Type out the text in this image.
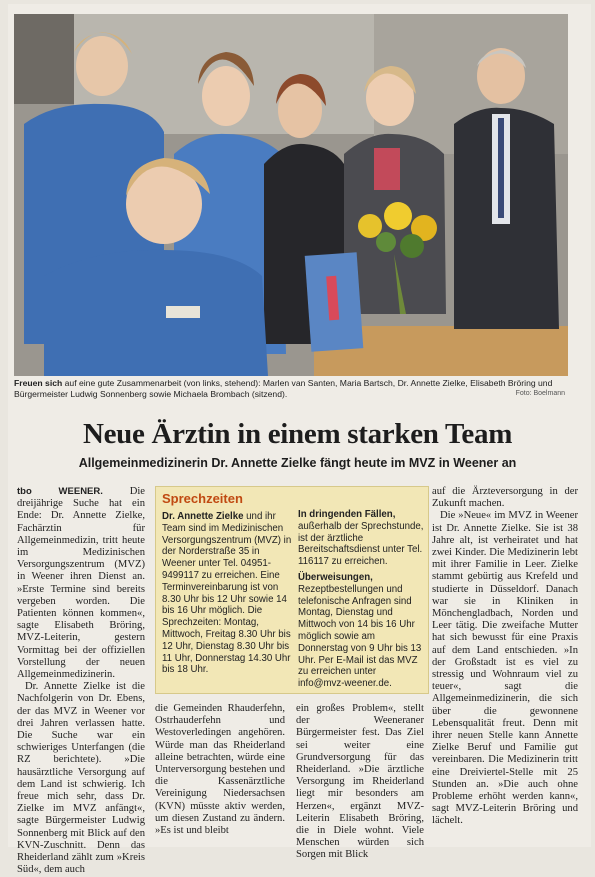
Freuen sich auf eine gute Zusammenarbeit (von links, stehend): Marlen van Santen, Maria Bartsch, Dr. Annette Zielke, Elisabeth Bröring und Bürgermeister Ludwig Sonnenberg sowie Michaela Brombach (sitzend).	Foto: Boelmann
Neue Ärztin in einem starken Team
Allgemeinmedizinerin Dr. Annette Zielke fängt heute im MVZ in Weener an

tbo WEENER.	Die dreijährige Suche hat ein Ende: Dr. Annette Zielke, Fachärztin für Allgemeinmedizin, tritt heute im Medizinischen Versorgungszentrum (MVZ) in Weener ihren Dienst an. »Erste Termine sind bereits vergeben worden. Die Patienten können kommen«, sagte Elisabeth Bröring, MVZ-Leiterin, gestern Vormittag bei der offiziellen Vorstellung der neuen Allgemeinmedizinerin.

Dr. Annette Zielke ist die Nachfolgerin von Dr. Ebens, der das MVZ in Weener vor drei Jahren verlassen hatte. Die Suche war ein schwieriges Unterfangen (die RZ berichtete). »Die hausärztliche Versorgung auf dem Land ist schwierig. Ich freue mich sehr, dass Dr. Zielke im MVZ anfängt«, sagte Bürgermeister Ludwig Sonnenberg mit Blick auf den KVN-Zuschnitt. Denn das Rheiderland zählt zum »Kreis Süd«, dem auch

Sprechzeiten

Dr. Annette Zielke und ihr Team sind im Medizinischen Versorgungszentrum (MVZ) in der Norderstraße 35 in Weener unter Tel. 04951-9499117 zu erreichen. Eine Terminvereinbarung ist von 8.30 Uhr bis 12 Uhr sowie 14 bis 16 Uhr möglich. Die Sprechzeiten: Montag, Mittwoch, Freitag 8.30 Uhr bis 12 Uhr, Dienstag 8.30 Uhr bis 11 Uhr, Donnerstag 14.30 Uhr bis 18 Uhr.

In dringenden Fällen, außerhalb der Sprechstunde, ist der ärztliche Bereitschaftsdienst unter Tel. 116117 zu erreichen.

Überweisungen, Rezeptbestellungen und telefonische Anfragen sind Montag, Dienstag und Mittwoch von 14 bis 16 Uhr möglich sowie am Donnerstag von 9 Uhr bis 13 Uhr. Per E-Mail ist das MVZ zu erreichen unter info@mvz-weener.de.

die Gemeinden Rhauderfehn, Ostrhauderfehn und Westoverledingen angehören. Würde man das Rheiderland alleine betrachten, würde eine Unterversorgung bestehen und die Kassenärztliche Vereinigung Niedersachsen (KVN) müsste aktiv werden, um diesen Zustand zu ändern. »Es ist und bleibt

ein großes Problem«, stellt der Weeneraner Bürgermeister fest. Das Ziel sei weiter eine Grundversorgung für das Rheiderland. »Die ärztliche Versorgung im Rheiderland liegt mir besonders am Herzen«, ergänzt MVZ-Leiterin Elisabeth Bröring, die in Diele wohnt. Viele Menschen würden sich Sorgen mit Blick

auf die Ärzteversorgung in der Zukunft machen.

Die »Neue« im MVZ in Weener ist Dr. Annette Zielke. Sie ist 38 Jahre alt, ist verheiratet und hat zwei Kinder. Die Medizinerin lebt mit ihrer Familie in Leer. Zielke stammt gebürtig aus Krefeld und studierte in Düsseldorf. Danach war sie in Kliniken in Mönchengladbach, Norden und Leer tätig. Die zweifache Mutter hat sich bewusst für eine Praxis auf dem Land entschieden. »In der Großstadt ist es viel zu stressig und Wohnraum viel zu teuer«, sagt die Allgemeinmedizinerin, die sich über die gewonnene Lebensqualität freut. Denn mit ihrer neuen Stelle kann Annette Zielke Beruf und Familie gut vereinbaren. Die Medizinerin tritt eine Dreiviertel-Stelle mit 25 Stunden an. »Die auch ohne Probleme erhöht werden kann«, sagt MVZ-Leiterin Bröring und lächelt.
